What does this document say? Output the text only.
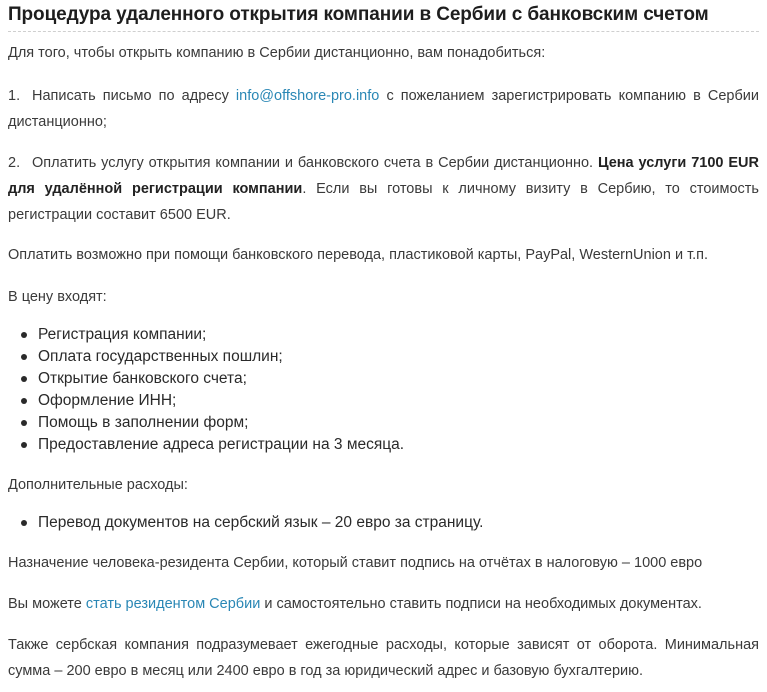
Процедура удаленного открытия компании в Сербии с банковским счетом

Для того, чтобы открыть компанию в Сербии дистанционно, вам понадобиться:

1. Написать письмо по адресу info@offshore-pro.info с пожеланием зарегистрировать компанию в Сербии дистанционно;

2. Оплатить услугу открытия компании и банковского счета в Сербии дистанционно. Цена услуги 7100 EUR для удалённой регистрации компании. Если вы готовы к личному визиту в Сербию, то стоимость регистрации составит 6500 EUR.

Оплатить возможно при помощи банковского перевода, пластиковой карты, PayPal, WesternUnion и т.п.

В цену входят:

Регистрация компании;
Оплата государственных пошлин;
Открытие банковского счета;
Оформление ИНН;
Помощь в заполнении форм;
Предоставление адреса регистрации на 3 месяца.

Дополнительные расходы:

Перевод документов на сербский язык – 20 евро за страницу.

Назначение человека-резидента Сербии, который ставит подпись на отчётах в налоговую – 1000 евро

Вы можете стать резидентом Сербии и самостоятельно ставить подписи на необходимых документах.

Также сербская компания подразумевает ежегодные расходы, которые зависят от оборота. Минимальная сумма – 200 евро в месяц или 2400 евро в год за юридический адрес и базовую бухгалтерию.
